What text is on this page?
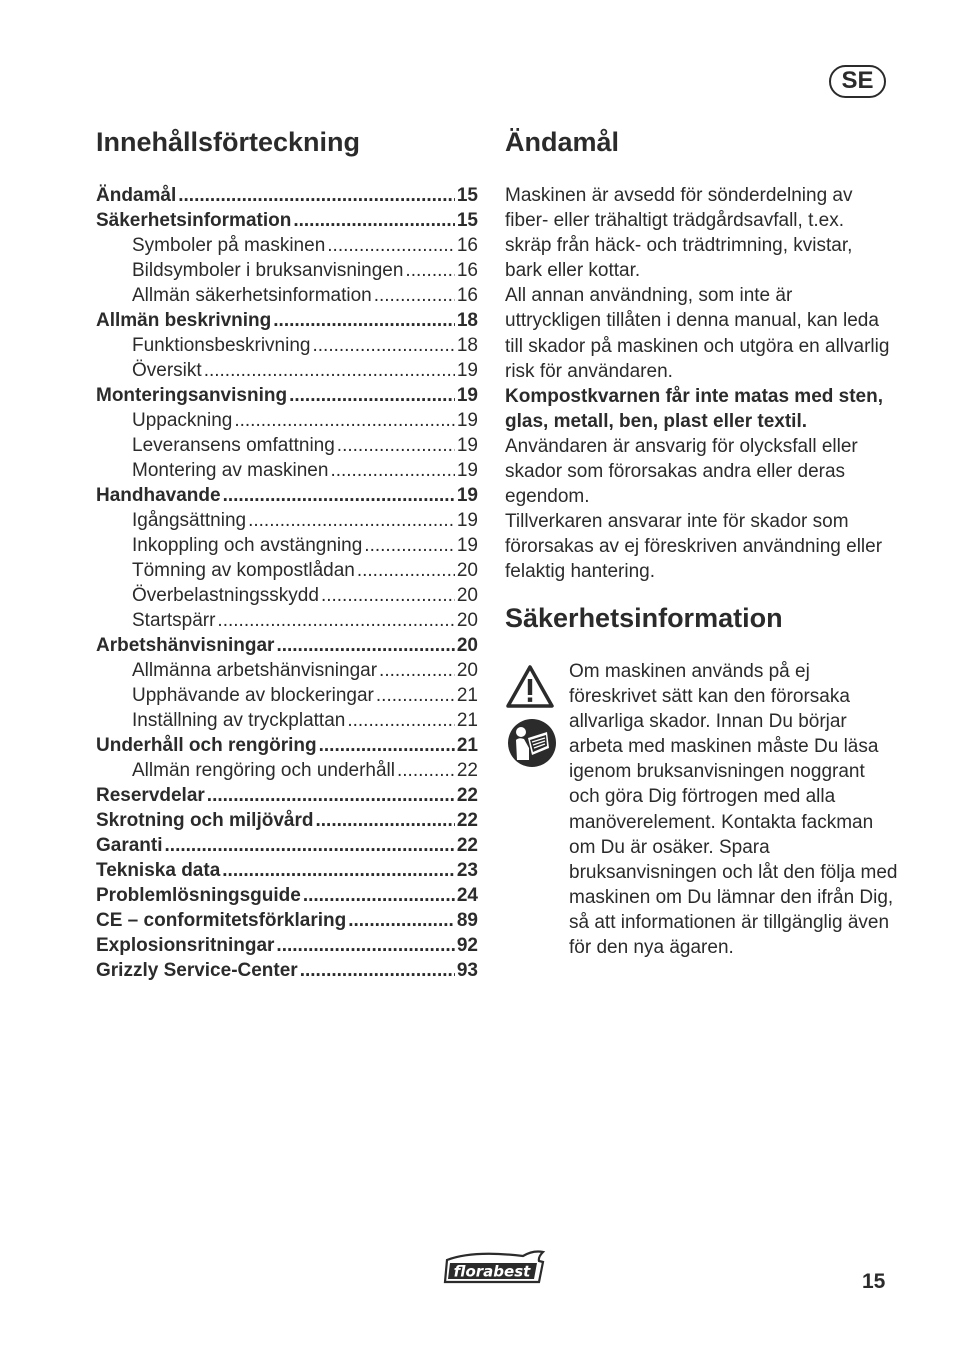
SE
Innehållsförteckning
Ändamål .....	15
Säkerhetsinformation .....	15
Symboler på maskinen .....	16
Bildsymboler i bruksanvisningen .....	16
Allmän säkerhetsinformation .....	16
Allmän beskrivning .....	18
Funktionsbeskrivning .....	18
Översikt .....	19
Monteringsanvisning .....	19
Uppackning .....	19
Leveransens omfattning .....	19
Montering av maskinen .....	19
Handhavande .....	19
Igångsättning .....	19
Inkoppling och avstängning .....	19
Tömning av kompostlådan .....	20
Överbelastningsskydd .....	20
Startspärr .....	20
Arbetshänvisningar .....	20
Allmänna arbetshänvisningar .....	20
Upphävande av blockeringar .....	21
Inställning av tryckplattan .....	21
Underhåll och rengöring .....	21
Allmän rengöring och underhåll .....	22
Reservdelar .....	22
Skrotning och miljövård .....	22
Garanti .....	22
Tekniska data .....	23
Problemlösningsguide .....	24
CE – conformitetsförklaring .....	89
Explosionsritningar .....	92
Grizzly Service-Center .....	93
Ändamål

Maskinen är avsedd för sönderdelning av fiber- eller trähaltigt trädgårdsavfall, t.ex. skräp från häck- och trädtrimning, kvistar, bark eller kottar.

All annan användning, som inte är uttryckligen tillåten i denna manual, kan leda till skador på maskinen och utgöra en allvarlig risk för användaren.

Kompostkvarnen får inte matas med sten, glas, metall, ben, plast eller textil.

Användaren är ansvarig för olycksfall eller skador som förorsakas andra eller deras egendom.

Tillverkaren ansvarar inte för skador som förorsakas av ej föreskriven användning eller felaktig hantering.

Säkerhetsinformation

Om maskinen används på ej föreskrivet sätt kan den förorsaka allvarliga skador. Innan Du börjar arbeta med maskinen måste Du läsa igenom bruksanvisningen noggrant och göra Dig förtrogen med alla manöverelement. Kontakta fackman om Du är osäker. Spara bruksanvisningen och låt den följa med maskinen om Du lämnar den ifrån Dig, så att informationen är tillgänglig även för den nya ägaren.

florabest	15
